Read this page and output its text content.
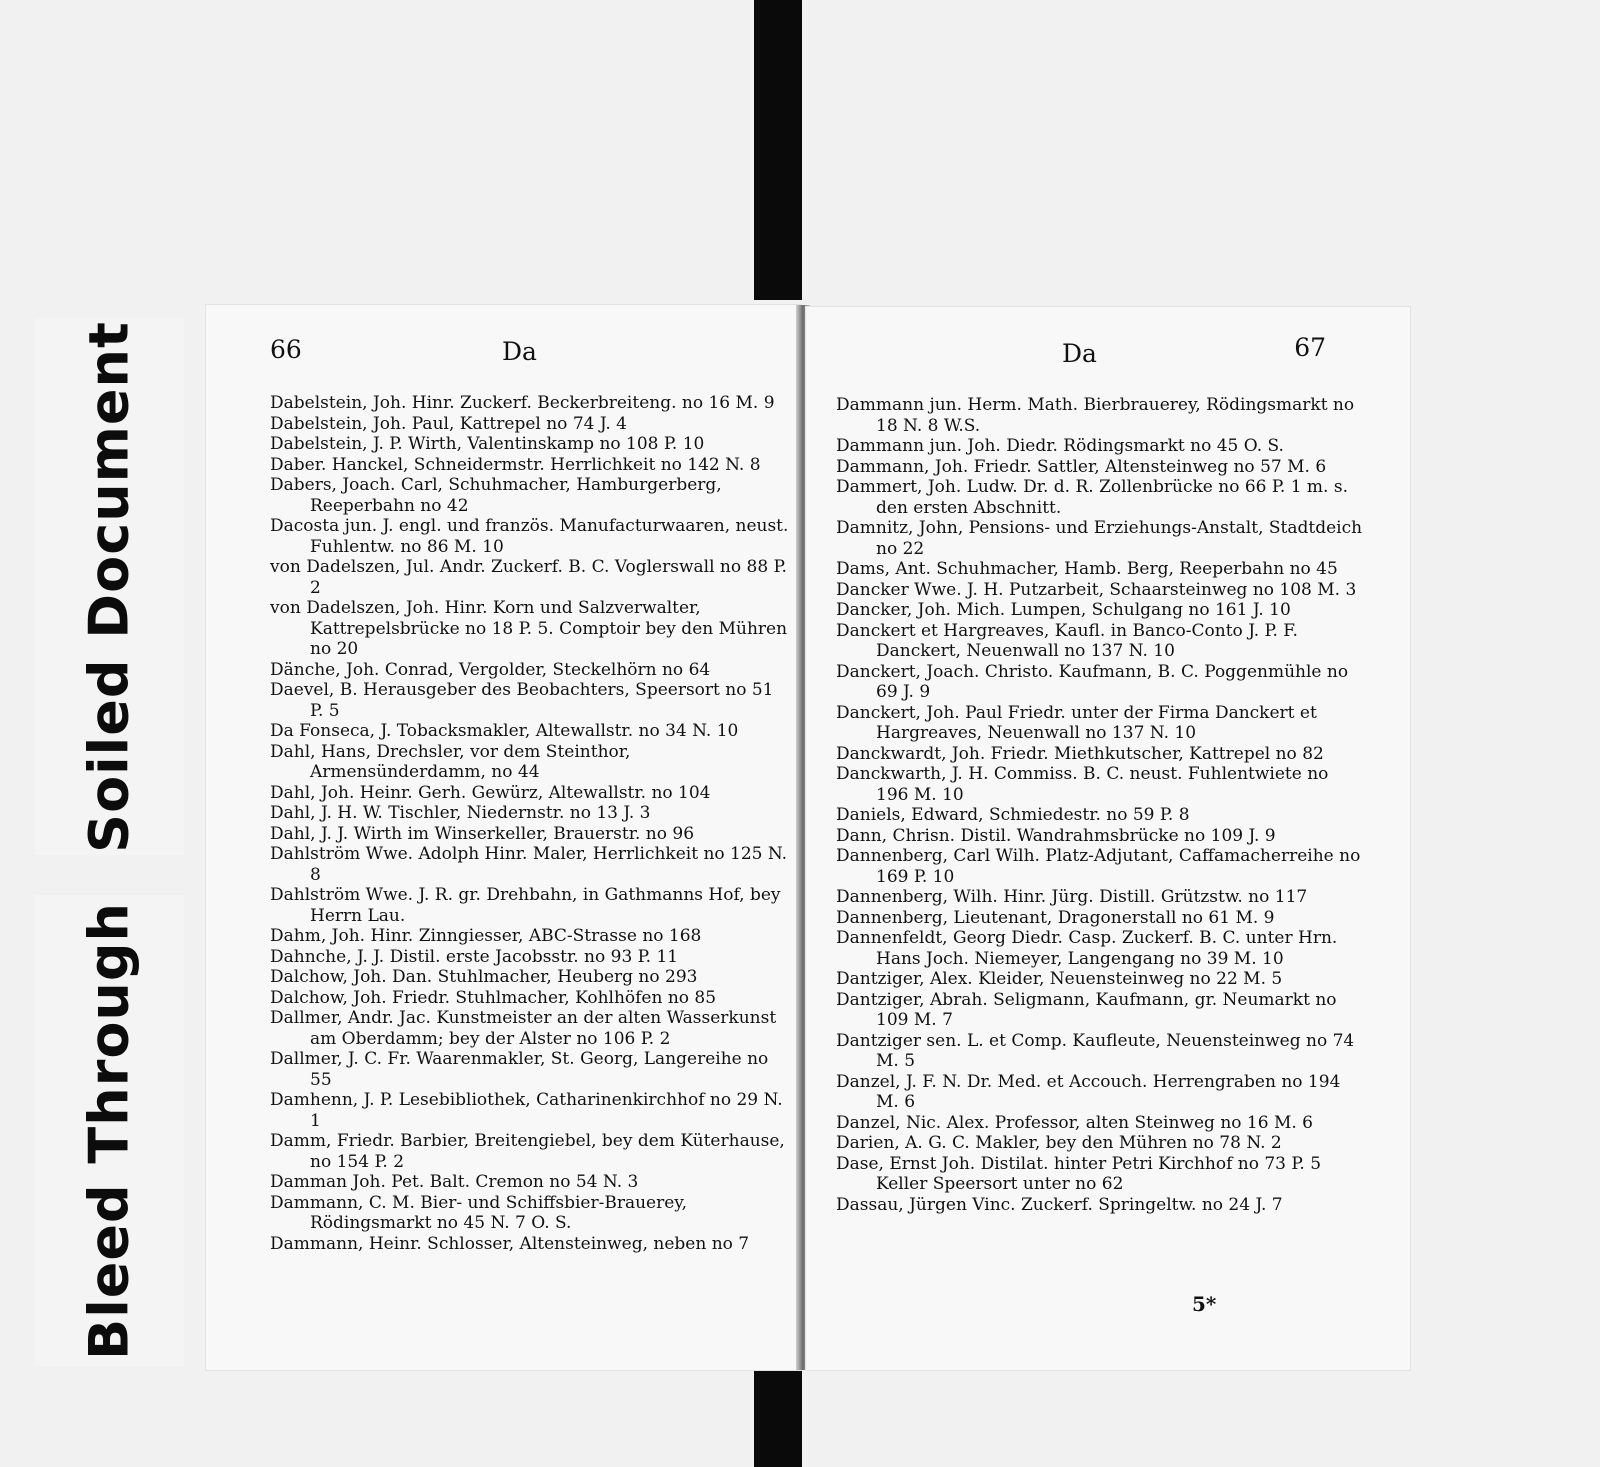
Soiled Document
Bleed Through
66	Da
Dabelstein, Joh. Hinr. Zuckerf. Beckerbreiteng. no 16 M. 9
Dabelstein, Joh. Paul, Kattrepel no 74 J. 4
Dabelstein, J. P. Wirth, Valentinskamp no 108 P. 10
Daber. Hanckel, Schneidermstr. Herrlichkeit no 142 N. 8
Dabers, Joach. Carl, Schuhmacher, Hamburgerberg, Reeperbahn no 42
Dacosta jun. J. engl. und französ. Manufacturwaaren, neust. Fuhlentw. no 86 M. 10
von Dadelszen, Jul. Andr. Zuckerf. B. C. Voglerswall no 88 P. 2
von Dadelszen, Joh. Hinr. Korn und Salzverwalter, Kattrepelsbrücke no 18 P. 5. Comptoir bey den Mühren no 20
Dänche, Joh. Conrad, Vergolder, Steckelhörn no 64
Daevel, B. Herausgeber des Beobachters, Speersort no 51 P. 5
Da Fonseca, J. Tobacksmakler, Altewallstr. no 34 N. 10
Dahl, Hans, Drechsler, vor dem Steinthor, Armensünderdamm, no 44
Dahl, Joh. Heinr. Gerh. Gewürz, Altewallstr. no 104
Dahl, J. H. W. Tischler, Niedernstr. no 13 J. 3
Dahl, J. J. Wirth im Winserkeller, Brauerstr. no 96
Dahlström Wwe. Adolph Hinr. Maler, Herrlichkeit no 125 N. 8
Dahlström Wwe. J. R. gr. Drehbahn, in Gathmanns Hof, bey Herrn Lau.
Dahm, Joh. Hinr. Zinngiesser, ABC-Strasse no 168
Dahnche, J. J. Distil. erste Jacobsstr. no 93 P. 11
Dalchow, Joh. Dan. Stuhlmacher, Heuberg no 293
Dalchow, Joh. Friedr. Stuhlmacher, Kohlhöfen no 85
Dallmer, Andr. Jac. Kunstmeister an der alten Wasserkunst am Oberdamm; bey der Alster no 106 P. 2
Dallmer, J. C. Fr. Waarenmakler, St. Georg, Langereihe no 55
Damhenn, J. P. Lesebibliothek, Catharinenkirchhof no 29 N. 1
Damm, Friedr. Barbier, Breitengiebel, bey dem Küterhause, no 154 P. 2
Damman Joh. Pet. Balt. Cremon no 54 N. 3
Dammann, C. M. Bier- und Schiffsbier-Brauerey, Rödingsmarkt no 45 N. 7 O. S.
Dammann, Heinr. Schlosser, Altensteinweg, neben no 7
67
Da
Dammann jun. Herm. Math. Bierbrauerey, Rödingsmarkt no 18 N. 8 W.S.
Dammann jun. Joh. Diedr. Rödingsmarkt no 45 O. S.
Dammann, Joh. Friedr. Sattler, Altensteinweg no 57 M. 6
Dammert, Joh. Ludw. Dr. d. R. Zollenbrücke no 66 P. 1 m. s. den ersten Abschnitt.
Damnitz, John, Pensions- und Erziehungs-Anstalt, Stadtdeich no 22
Dams, Ant. Schuhmacher, Hamb. Berg, Reeperbahn no 45
Dancker Wwe. J. H. Putzarbeit, Schaarsteinweg no 108 M. 3
Dancker, Joh. Mich. Lumpen, Schulgang no 161 J. 10
Danckert et Hargreaves, Kaufl. in Banco-Conto J. P. F. Danckert, Neuenwall no 137 N. 10
Danckert, Joach. Christo. Kaufmann, B. C. Poggenmühle no 69 J. 9
Danckert, Joh. Paul Friedr. unter der Firma Danckert et Hargreaves, Neuenwall no 137 N. 10
Danckwardt, Joh. Friedr. Miethkutscher, Kattrepel no 82
Danckwarth, J. H. Commiss. B. C. neust. Fuhlentwiete no 196 M. 10
Daniels, Edward, Schmiedestr. no 59 P. 8
Dann, Chrisn. Distil. Wandrahmsbrücke no 109 J. 9
Dannenberg, Carl Wilh. Platz-Adjutant, Caffamacherreihe no 169 P. 10
Dannenberg, Wilh. Hinr. Jürg. Distill. Grützstw. no 117
Dannenberg, Lieutenant, Dragonerstall no 61 M. 9
Dannenfeldt, Georg Diedr. Casp. Zuckerf. B. C. unter Hrn. Hans Joch. Niemeyer, Langengang no 39 M. 10
Dantziger, Alex. Kleider, Neuensteinweg no 22 M. 5
Dantziger, Abrah. Seligmann, Kaufmann, gr. Neumarkt no 109 M. 7
Dantziger sen. L. et Comp. Kaufleute, Neuensteinweg no 74 M. 5
Danzel, J. F. N. Dr. Med. et Accouch. Herrengraben no 194 M. 6
Danzel, Nic. Alex. Professor, alten Steinweg no 16 M. 6
Darien, A. G. C. Makler, bey den Mühren no 78 N. 2
Dase, Ernst Joh. Distilat. hinter Petri Kirchhof no 73 P. 5 Keller Speersort unter no 62
Dassau, Jürgen Vinc. Zuckerf. Springeltw. no 24 J. 7
5*
